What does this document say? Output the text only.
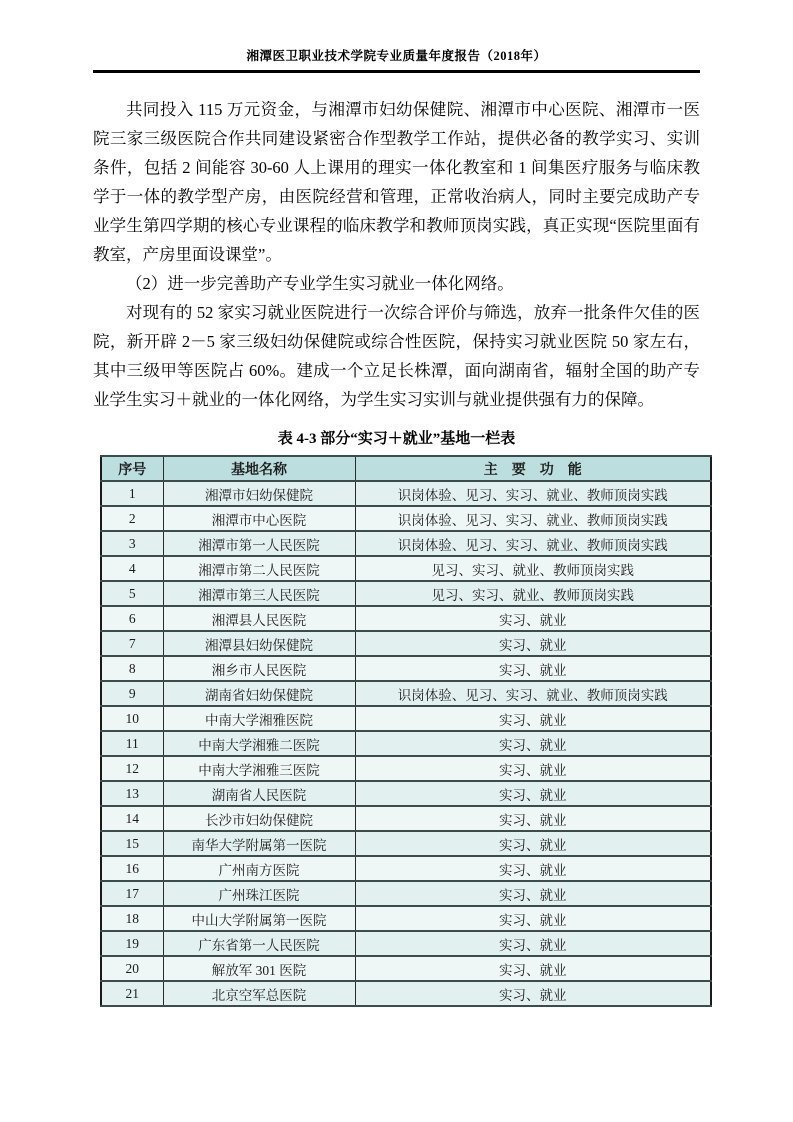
湘潭医卫职业技术学院专业质量年度报告（2018年）

共同投入 115 万元资金，与湘潭市妇幼保健院、湘潭市中心医院、湘潭市一医院三家三级医院合作共同建设紧密合作型教学工作站，提供必备的教学实习、实训条件，包括 2 间能容 30-60 人上课用的理实一体化教室和 1 间集医疗服务与临床教学于一体的教学型产房，由医院经营和管理，正常收治病人，同时主要完成助产专业学生第四学期的核心专业课程的临床教学和教师顶岗实践，真正实现“医院里面有教室，产房里面设课堂”。

（2）进一步完善助产专业学生实习就业一体化网络。

对现有的 52 家实习就业医院进行一次综合评价与筛选，放弃一批条件欠佳的医院，新开辟 2－5 家三级妇幼保健院或综合性医院，保持实习就业医院 50 家左右，其中三级甲等医院占 60%。建成一个立足长株潭，面向湖南省，辐射全国的助产专业学生实习＋就业的一体化网络，为学生实习实训与就业提供强有力的保障。

表 4-3 部分“实习＋就业”基地一栏表
序号	基地名称	主　要　功　能
1	湘潭市妇幼保健院	识岗体验、见习、实习、就业、教师顶岗实践
2	湘潭市中心医院	识岗体验、见习、实习、就业、教师顶岗实践
3	湘潭市第一人民医院	识岗体验、见习、实习、就业、教师顶岗实践
4	湘潭市第二人民医院	见习、实习、就业、教师顶岗实践
5	湘潭市第三人民医院	见习、实习、就业、教师顶岗实践
6	湘潭县人民医院	实习、就业
7	湘潭县妇幼保健院	实习、就业
8	湘乡市人民医院	实习、就业
9	湖南省妇幼保健院	识岗体验、见习、实习、就业、教师顶岗实践
10	中南大学湘雅医院	实习、就业
11	中南大学湘雅二医院	实习、就业
12	中南大学湘雅三医院	实习、就业
13	湖南省人民医院	实习、就业
14	长沙市妇幼保健院	实习、就业
15	南华大学附属第一医院	实习、就业
16	广州南方医院	实习、就业
17	广州珠江医院	实习、就业
18	中山大学附属第一医院	实习、就业
19	广东省第一人民医院	实习、就业
20	解放军 301 医院	实习、就业
21	北京空军总医院	实习、就业
